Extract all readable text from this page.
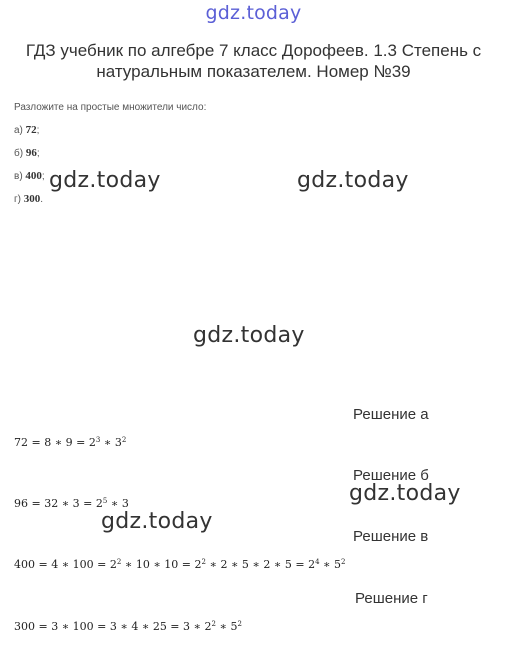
gdz.today
ГДЗ учебник по алгебре 7 класс Дорофеев. 1.3 Степень с натуральным показателем. Номер №39
Разложите на простые множители число:
а) 72;
б) 96;
в) 400;
г) 300.
gdz.today	gdz.today
gdz.today
gdz.today
gdz.today
Решение а
72 = 8 ∗ $9 = 2^3$ ∗ $3^2$
Решение б
96 = 32 ∗ $3 = 2^5$ ∗ 3
Решение в
400 = 4 ∗ $100 = 2^2$ ∗ 10 ∗ $10 = 2^2$ ∗ 2 ∗ 5 ∗ 2 ∗ $5 = 2^4$ ∗ $5^2$
Решение г
300 = 3 ∗ 100 = 3 ∗ 4 ∗ 25 = 3 ∗ $2^2$ ∗ $5^2$
